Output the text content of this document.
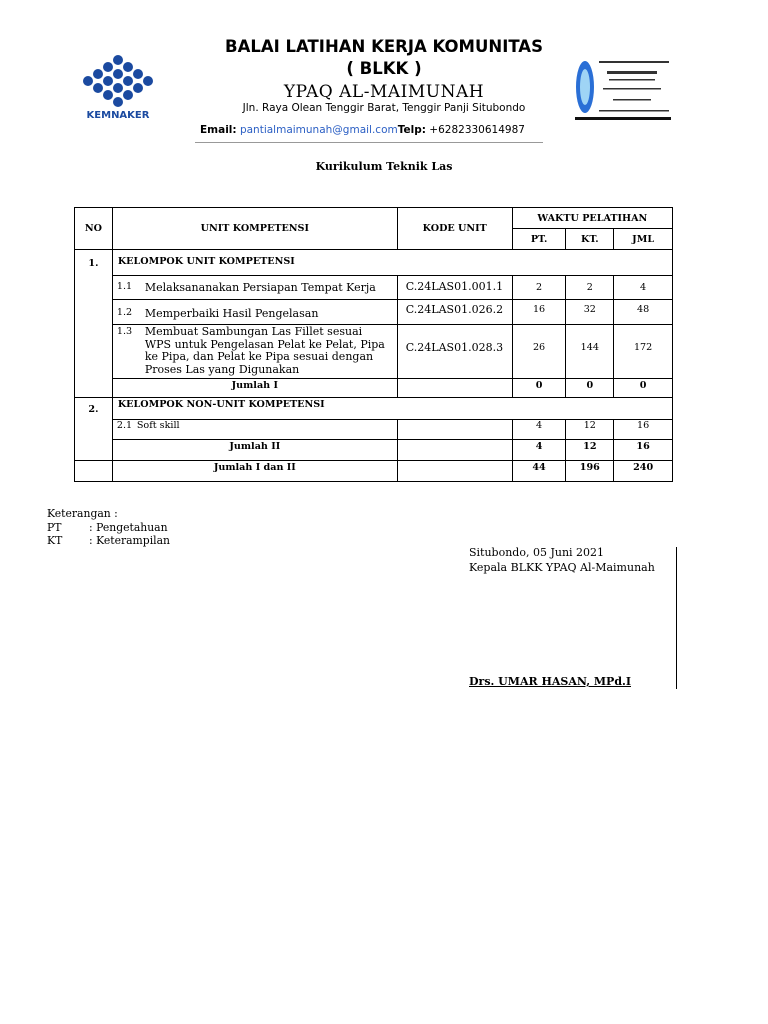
KEMNAKER
BALAI LATIHAN KERJA KOMUNITAS
( BLKK )
YPAQ AL-MAIMUNAH
Jln. Raya Olean Tenggir Barat, Tenggir Panji Situbondo
Email: pantialmaimunah@gmail.comTelp: +6282330614987
Kurikulum Teknik Las
NO	UNIT KOMPETENSI	KODE UNIT	WAKTU PELATIHAN		
			PT.	KT.	JML
1.	KELOMPOK UNIT KOMPETENSI				

	1.1 Melaksananakan Persiapan Tempat Kerja	C.24LAS01.001.1	2	2	4

	1.2 Memperbaiki Hasil Pengelasan	C.24LAS01.026.2	16	32	48

	1.3 Membuat Sambungan Las Fillet sesuai WPS untuk Pengelasan Pelat ke Pelat, Pipa ke Pipa, dan Pelat ke Pipa sesuai dengan Proses Las yang Digunakan	C.24LAS01.028.3	26	144	172
	Jumlah I		0	0	0
2.	KELOMPOK NON-UNIT KOMPETENSI				

	2.1 Soft skill		4	12	16
	Jumlah II		4	12	16
	Jumlah I dan II		44	196	240
Keterangan :
PT	: Pengetahuan
KT	: Keterampilan
Situbondo, 05 Juni 2021
Kepala BLKK YPAQ Al-Maimunah
Drs. UMAR HASAN, MPd.I
